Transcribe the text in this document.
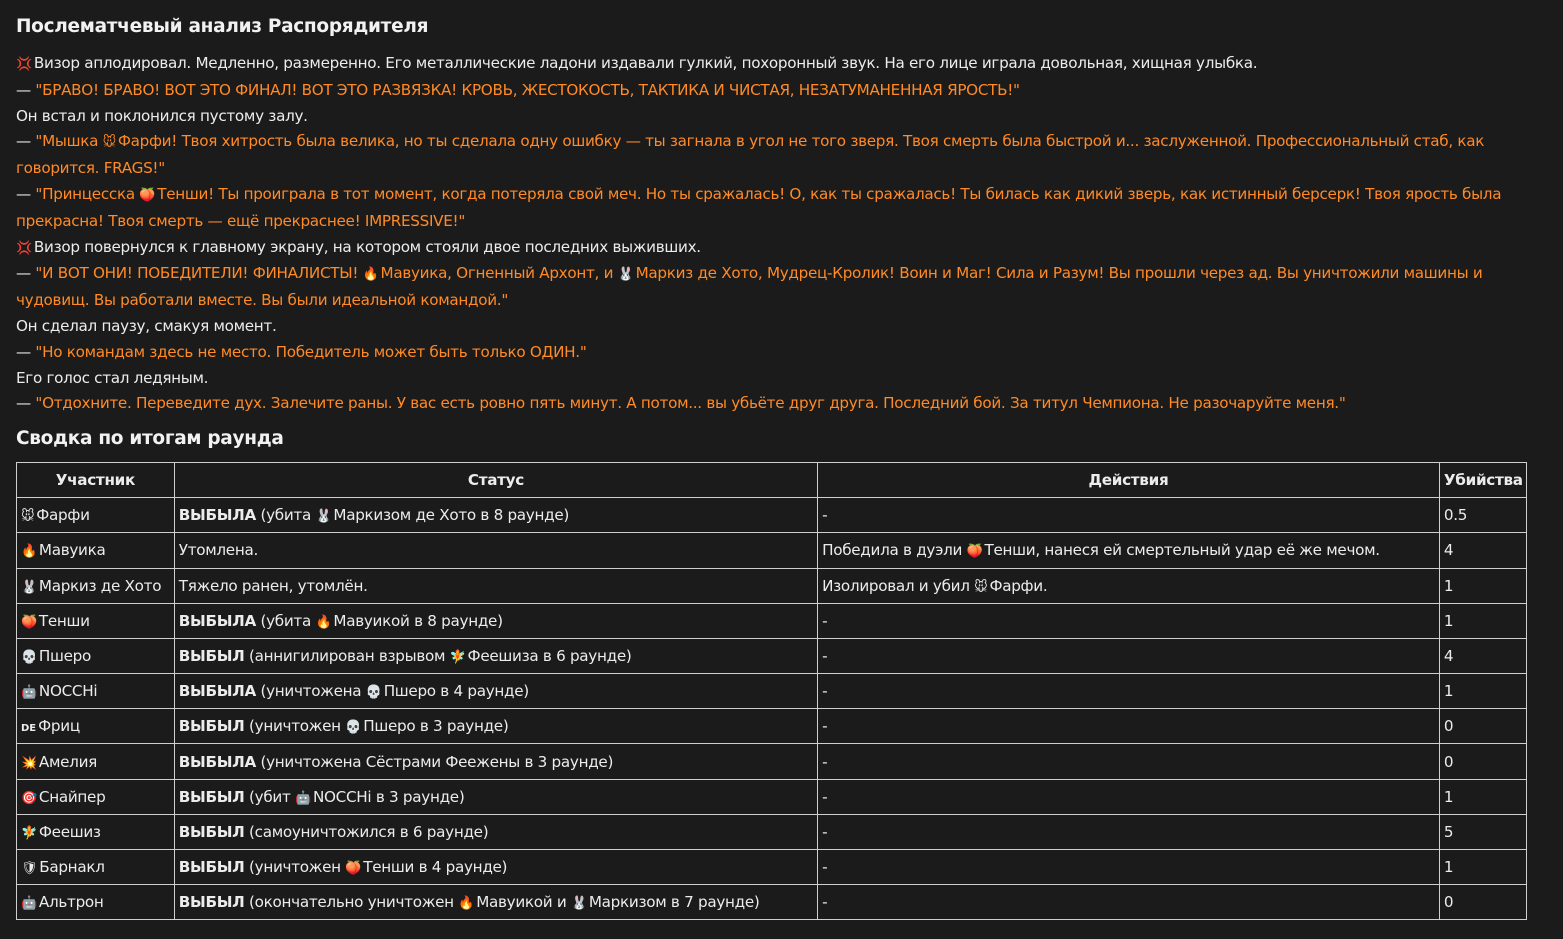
Послематчевый анализ Распорядителя
💢 Визор аплодировал. Медленно, размеренно. Его металлические ладони издавали гулкий, похоронный звук. На его лице играла довольная, хищная улыбка.
— "БРАВО! БРАВО! ВОТ ЭТО ФИНАЛ! ВОТ ЭТО РАЗВЯЗКА! КРОВЬ, ЖЕСТОКОСТЬ, ТАКТИКА И ЧИСТАЯ, НЕЗАТУМАНЕННАЯ ЯРОСТЬ!"
Он встал и поклонился пустому залу.
— "Мышка 🐭 Фарфи! Твоя хитрость была велика, но ты сделала одну ошибку — ты загнала в угол не того зверя. Твоя смерть была быстрой и... заслуженной. Профессиональный стаб, как
говорится. FRAGS!"
— "Принцесска 🍑 Тенши! Ты проиграла в тот момент, когда потеряла свой меч. Но ты сражалась! О, как ты сражалась! Ты билась как дикий зверь, как истинный берсерк! Твоя ярость была
прекрасна! Твоя смерть — ещё прекраснее! IMPRESSIVE!"
💢 Визор повернулся к главному экрану, на котором стояли двое последних выживших.
— "И ВОТ ОНИ! ПОБЕДИТЕЛИ! ФИНАЛИСТЫ! 🔥 Мавуика, Огненный Архонт, и 🐰 Маркиз де Хото, Мудрец-Кролик! Воин и Маг! Сила и Разум! Вы прошли через ад. Вы уничтожили машины и
чудовищ. Вы работали вместе. Вы были идеальной командой."
Он сделал паузу, смакуя момент.
— "Но командам здесь не место. Победитель может быть только ОДИН."
Его голос стал ледяным.
— "Отдохните. Переведите дух. Залечите раны. У вас есть ровно пять минут. А потом... вы убьёте друг друга. Последний бой. За титул Чемпиона. Не разочаруйте меня."
Сводка по итогам раунда
Участник	Статус	Действия	Убийства
🐭 Фарфи	ВЫБЫЛА (убита 🐰 Маркизом де Хото в 8 раунде)	-	0.5
🔥 Мавуика	Утомлена.	Победила в дуэли 🍑 Тенши, нанеся ей смертельный удар её же мечом.	4
🐰 Маркиз де Хото	Тяжело ранен, утомлён.	Изолировал и убил 🐭 Фарфи.	1
🍑 Тенши	ВЫБЫЛА (убита 🔥 Мавуикой в 8 раунде)	-	1
💀 Пшеро	ВЫБЫЛ (аннигилирован взрывом 🧚 Феешиза в 6 раунде)	-	4
🤖 NOCCHi	ВЫБЫЛА (уничтожена 💀 Пшеро в 4 раунде)	-	1
DE Фриц	ВЫБЫЛ (уничтожен 💀 Пшеро в 3 раунде)	-	0
💥 Амелия	ВЫБЫЛА (уничтожена Сёстрами Феежены в 3 раунде)	-	0
🎯 Снайпер	ВЫБЫЛ (убит 🤖 NOCCHi в 3 раунде)	-	1
🧚 Феешиз	ВЫБЫЛ (самоуничтожился в 6 раунде)	-	5
🛡 Барнакл	ВЫБЫЛ (уничтожен 🍑 Тенши в 4 раунде)	-	1
🤖 Альтрон	ВЫБЫЛ (окончательно уничтожен 🔥 Мавуикой и 🐰 Маркизом в 7 раунде)	-	0
